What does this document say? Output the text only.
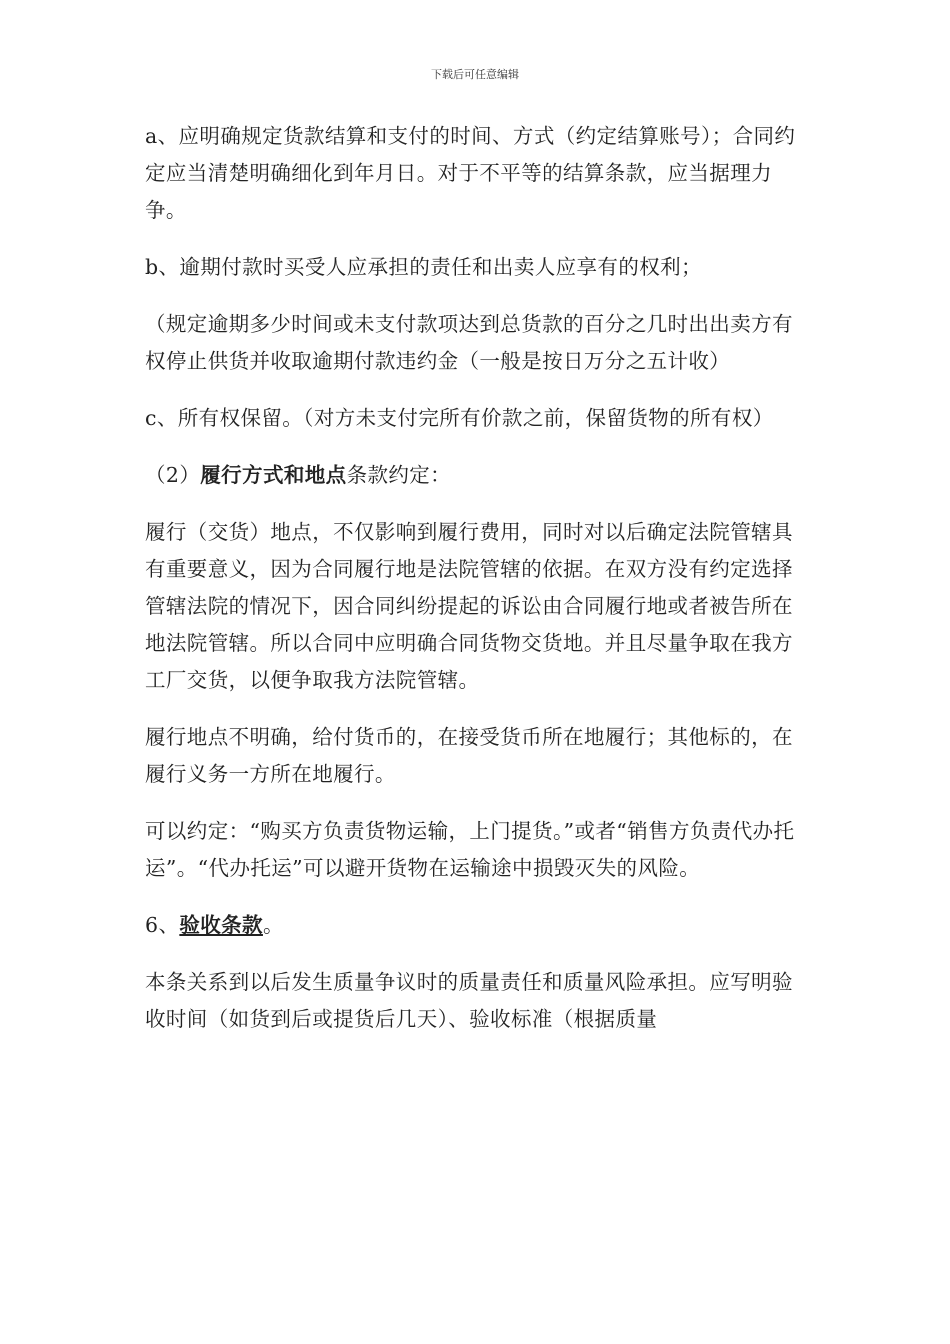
下载后可任意编辑

a、应明确规定货款结算和支付的时间、方式（约定结算账号）；合同约定应当清楚明确细化到年月日。对于不平等的结算条款，应当据理力争。

b、逾期付款时买受人应承担的责任和出卖人应享有的权利；

（规定逾期多少时间或未支付款项达到总货款的百分之几时出出卖方有权停止供货并收取逾期付款违约金（一般是按日万分之五计收）

c、所有权保留。（对方未支付完所有价款之前，保留货物的所有权）

（2）履行方式和地点条款约定：

履行（交货）地点，不仅影响到履行费用，同时对以后确定法院管辖具有重要意义，因为合同履行地是法院管辖的依据。在双方没有约定选择管辖法院的情况下，因合同纠纷提起的诉讼由合同履行地或者被告所在地法院管辖。所以合同中应明确合同货物交货地。并且尽量争取在我方工厂交货，以便争取我方法院管辖。

履行地点不明确，给付货币的，在接受货币所在地履行；其他标的，在履行义务一方所在地履行。

可以约定：“购买方负责货物运输，上门提货。”或者“销售方负责代办托运”。“代办托运”可以避开货物在运输途中损毁灭失的风险。

6、验收条款。

本条关系到以后发生质量争议时的质量责任和质量风险承担。应写明验收时间（如货到后或提货后几天）、验收标准（根据质量
